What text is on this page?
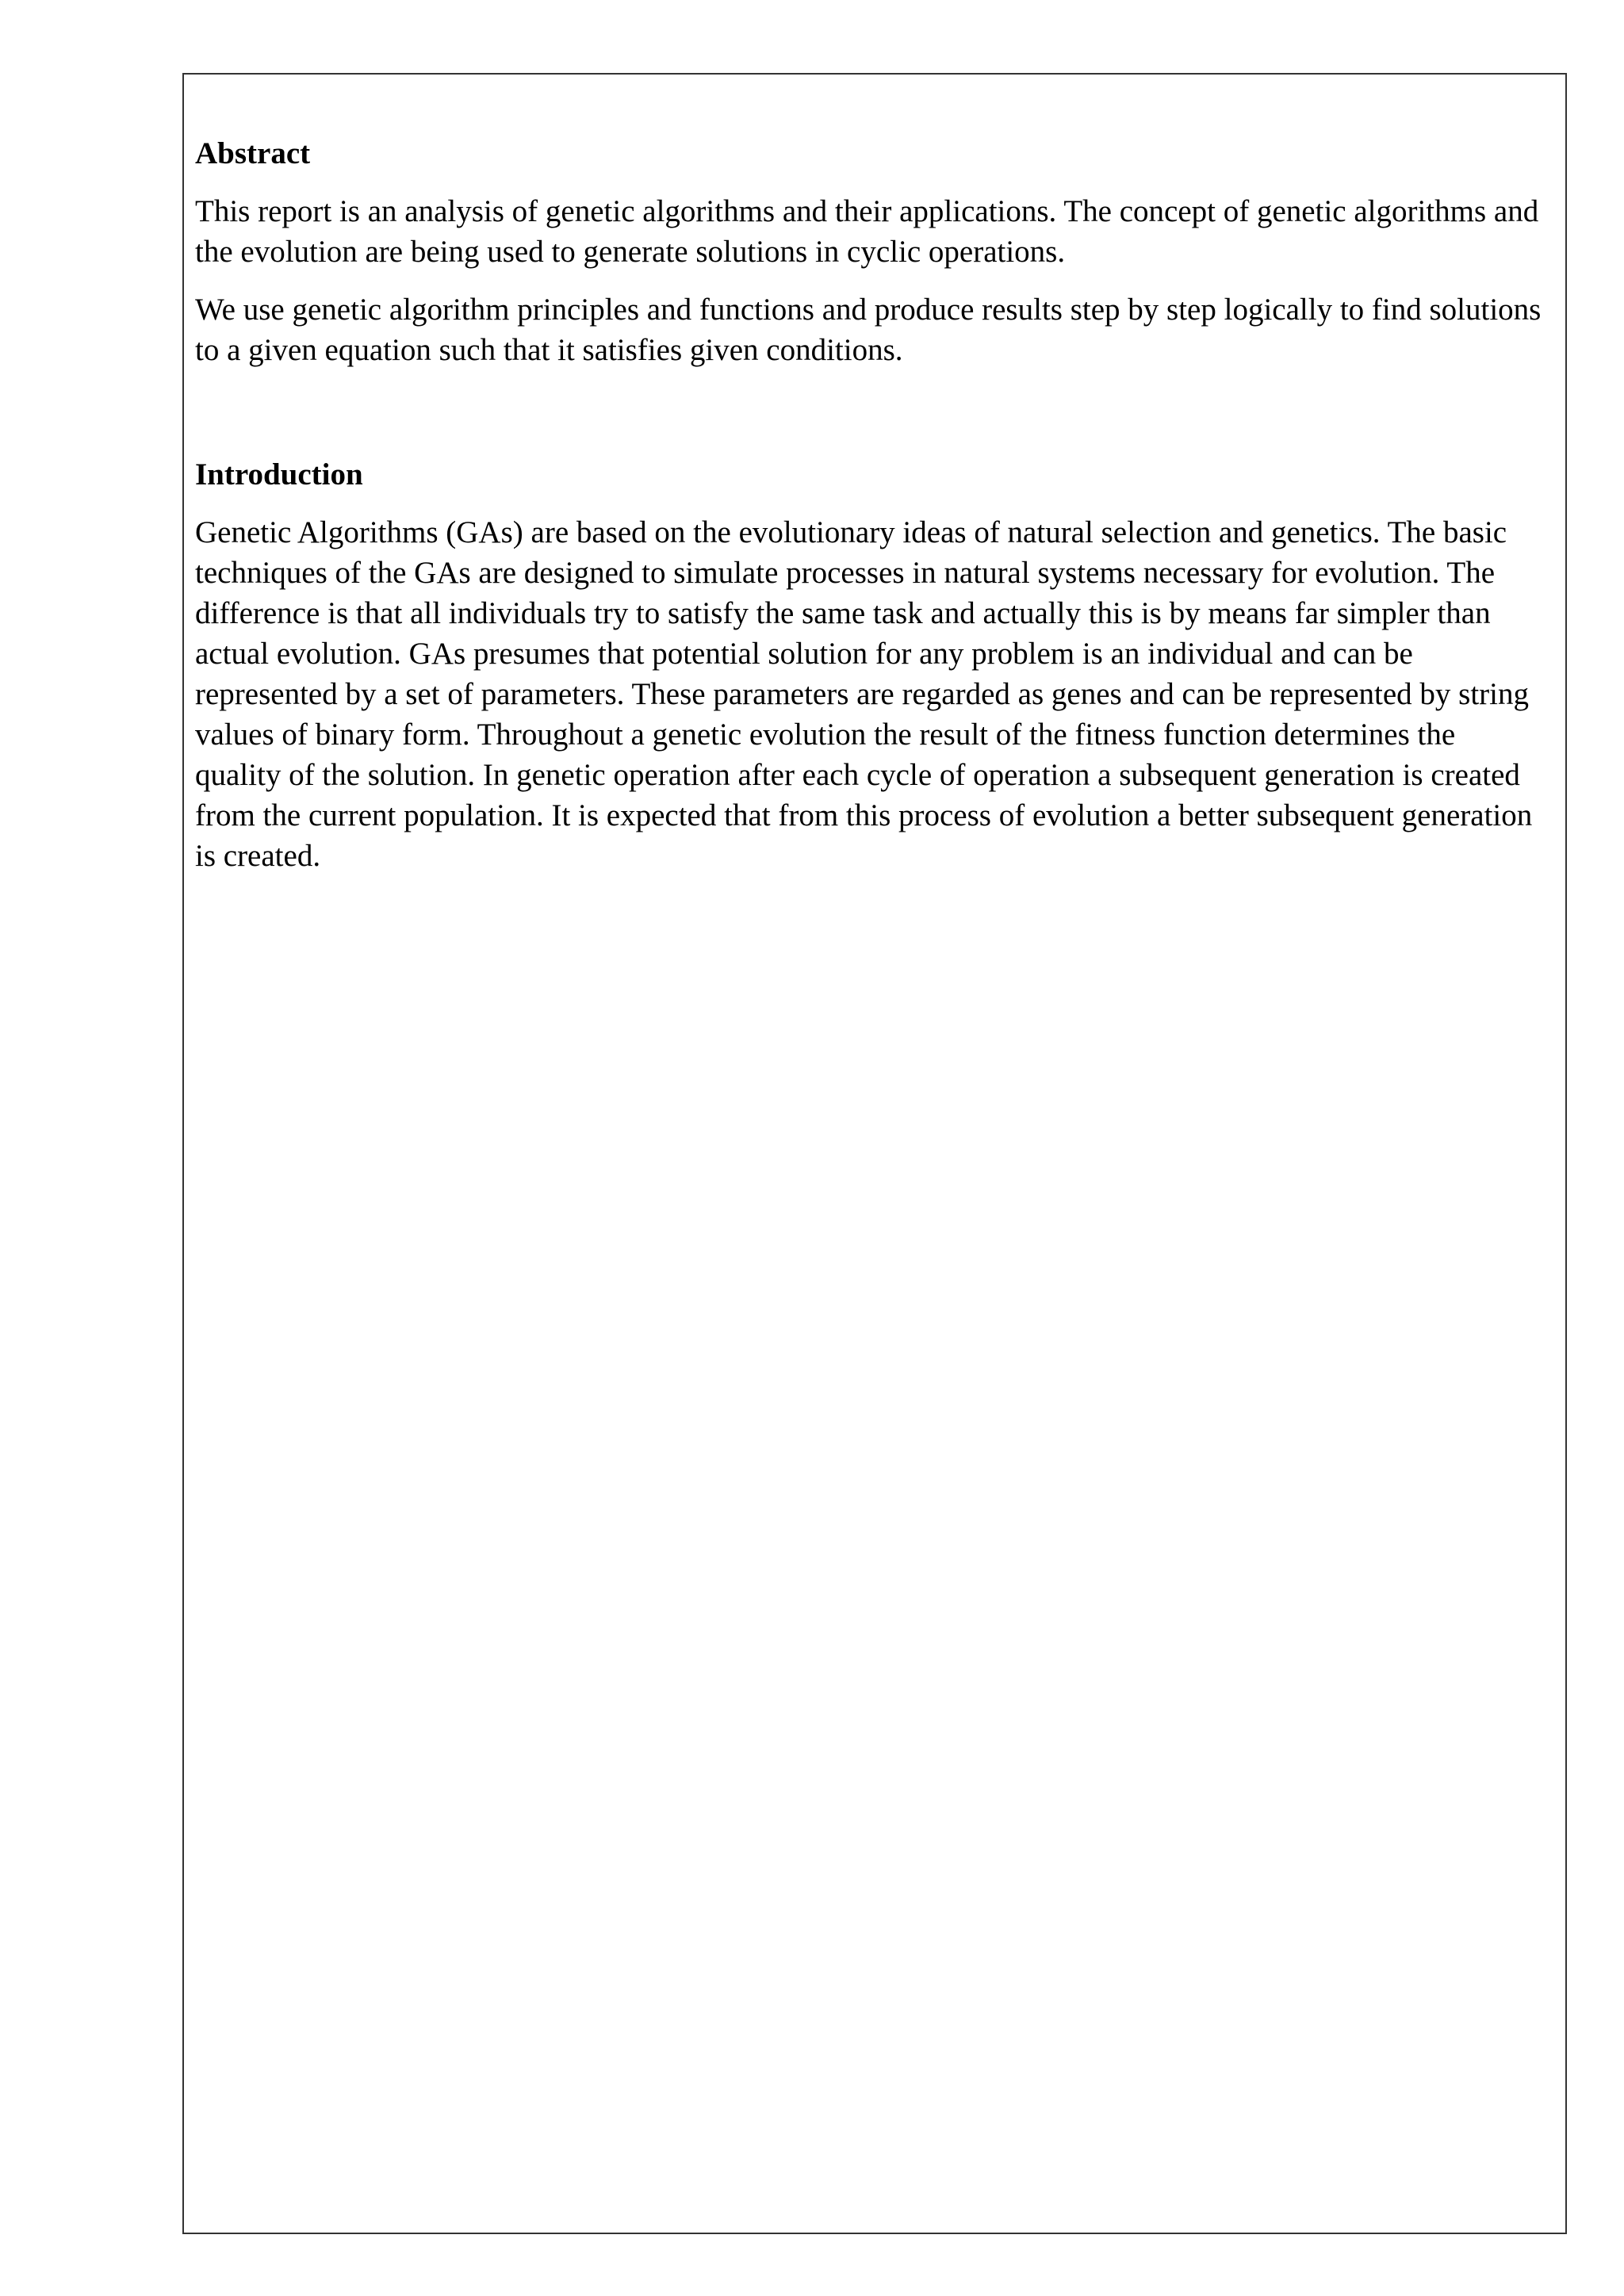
Abstract

This report is an analysis of genetic algorithms and their applications. The concept of genetic algorithms and the evolution are being used to generate solutions in cyclic operations.

We use genetic algorithm principles and functions and produce results step by step logically to find solutions to a given equation such that it satisfies given conditions.

Introduction

Genetic Algorithms (GAs) are based on the evolutionary ideas of natural selection and genetics. The basic techniques of the GAs are designed to simulate processes in natural systems necessary for evolution. The difference is that all individuals try to satisfy the same task and actually this is by means far simpler than actual evolution. GAs presumes that potential solution for any problem is an individual and can be represented by a set of parameters. These parameters are regarded as genes and can be represented by string values of binary form. Throughout a genetic evolution the result of the fitness function determines the quality of the solution. In genetic operation after each cycle of operation a subsequent generation is created from the current population. It is expected that from this process of evolution a better subsequent generation is created.
